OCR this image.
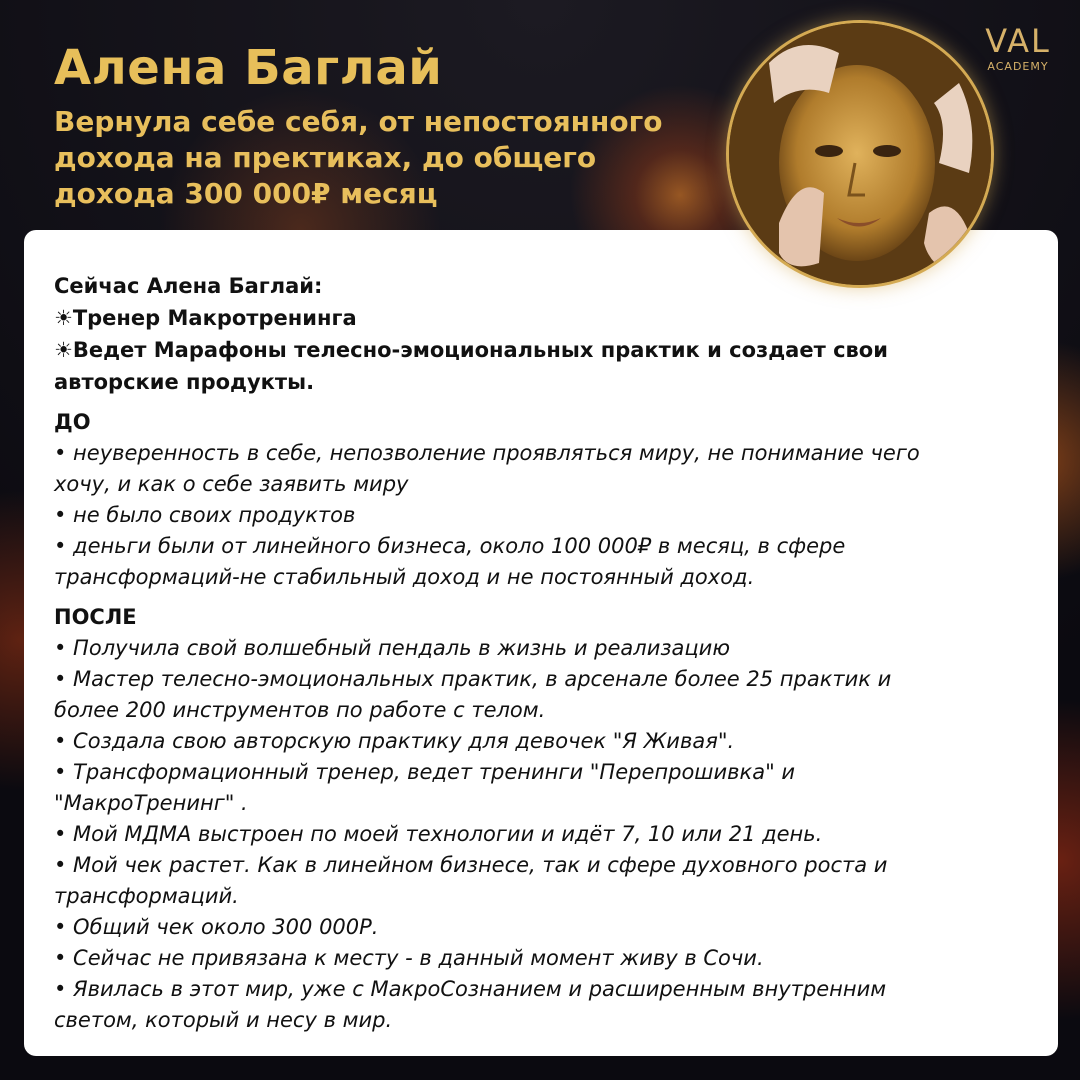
Алена Баглай
Вернула себе себя, от непостоянного
дохода на пректиках, до общего
дохода 300 000₽ месяц
VAL
ACADEMY
Сейчас Алена Баглай:
☀Тренер Макротренинга
☀Ведет Марафоны телесно-эмоциональных практик и создает свои
авторские продукты.
ДО
• неуверенность в себе, непозволение проявляться миру, не понимание чего
хочу, и как о себе заявить миру
• не было своих продуктов
• деньги были от линейного бизнеса, около 100 000₽ в месяц, в сфере
трансформаций-не стабильный доход и не постоянный доход.
ПОСЛЕ
• Получила свой волшебный пендаль в жизнь и реализацию
• Мастер телесно-эмоциональных практик, в арсенале более 25 практик и
более 200 инструментов по работе с телом.
• Создала свою авторскую практику для девочек "Я Живая".
• Трансформационный тренер, ведет тренинги "Перепрошивка" и
"МакроТренинг" .
• Мой МДМА выстроен по моей технологии и идёт 7, 10 или 21 день.
• Мой чек растет. Как в линейном бизнесе, так и сфере духовного роста и
трансформаций.
• Общий чек около 300 000Р.
• Сейчас не привязана к месту - в данный момент живу в Сочи.
• Явилась в этот мир, уже с МакроСознанием и расширенным внутренним
светом, который и несу в мир.
